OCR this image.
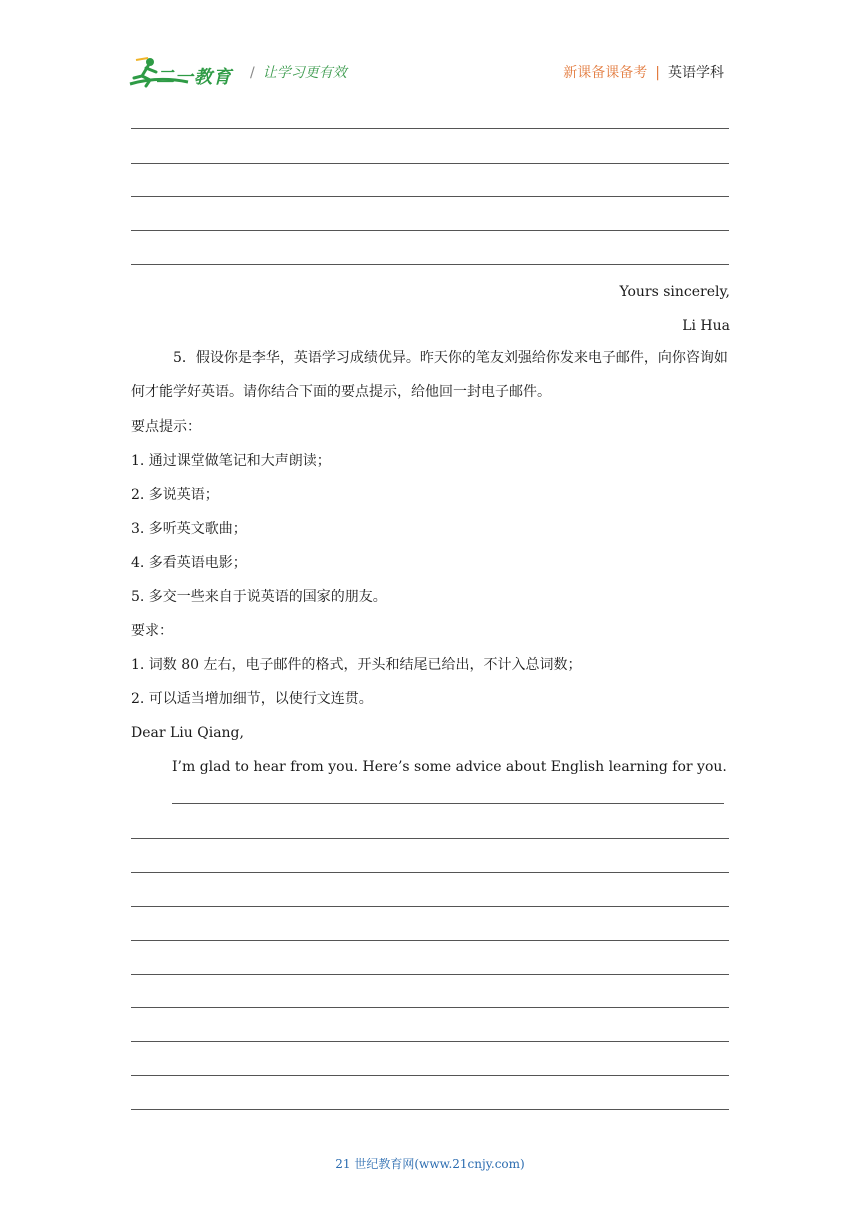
二一教育 / 让学习更有效	新课备课备考 | 英语学科
Yours sincerely,
Li Hua
5．假设你是李华，英语学习成绩优异。昨天你的笔友刘强给你发来电子邮件，向你咨询如何才能学好英语。请你结合下面的要点提示，给他回一封电子邮件。
要点提示：
1. 通过课堂做笔记和大声朗读；
2. 多说英语；
3. 多听英文歌曲；
4. 多看英语电影；
5. 多交一些来自于说英语的国家的朋友。
要求：
1. 词数 80 左右，电子邮件的格式，开头和结尾已给出，不计入总词数；
2. 可以适当增加细节，以使行文连贯。
Dear Liu Qiang,
I’m glad to hear from you. Here’s some advice about English learning for you.
21 世纪教育网(www.21cnjy.com)
